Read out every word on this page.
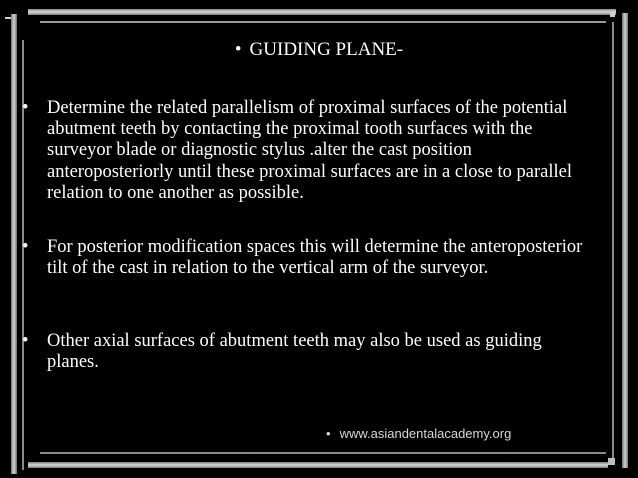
• GUIDING PLANE-
• Determine the related parallelism of proximal surfaces of the potential abutment teeth by contacting the proximal tooth surfaces with the surveyor blade or diagnostic stylus .alter the cast position anteroposteriorly until these proximal surfaces are in a close to parallel relation to one another as possible.
• For posterior modification spaces this will determine the anteroposterior tilt of the cast in relation to the vertical arm of the surveyor.
• Other axial surfaces of abutment teeth may also be used as guiding planes.
• www.asiandentalacademy.org
